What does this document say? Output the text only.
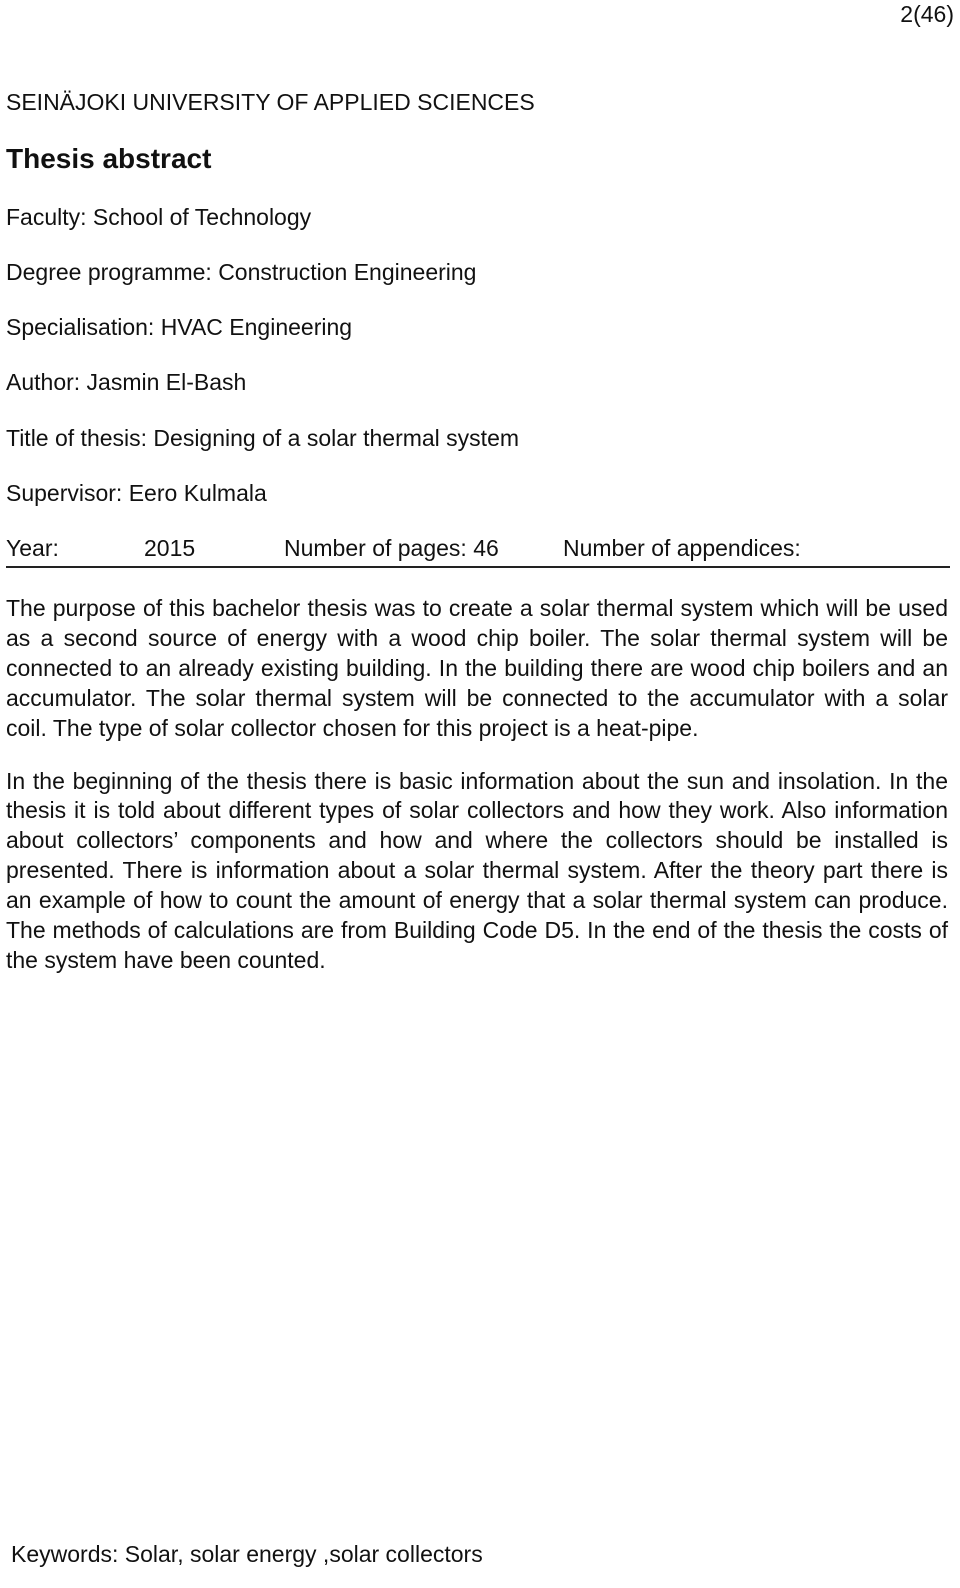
2(46)
SEINÄJOKI UNIVERSITY OF APPLIED SCIENCES
Thesis abstract
Faculty: School of Technology
Degree programme: Construction Engineering
Specialisation: HVAC Engineering
Author: Jasmin El-Bash
Title of thesis: Designing of a solar thermal system
Supervisor: Eero Kulmala
Year:	2015	Number of pages: 46	Number of appendices:

The purpose of this bachelor thesis was to create a solar thermal system which will be used as a second source of energy with a wood chip boiler. The solar thermal system will be connected to an already existing building. In the building there are wood chip boilers and an accumulator. The solar thermal system will be connected to the accumulator with a solar coil. The type of solar collector chosen for this project is a heat-pipe.

In the beginning of the thesis there is basic information about the sun and insolation. In the thesis it is told about different types of solar collectors and how they work. Also information about collectors’ components and how and where the collectors should be installed is presented. There is information about a solar thermal system. After the theory part there is an example of how to count the amount of energy that a solar thermal system can produce. The methods of calculations are from Building Code D5. In the end of the thesis the costs of the system have been counted.

Keywords: Solar, solar energy ,solar collectors
